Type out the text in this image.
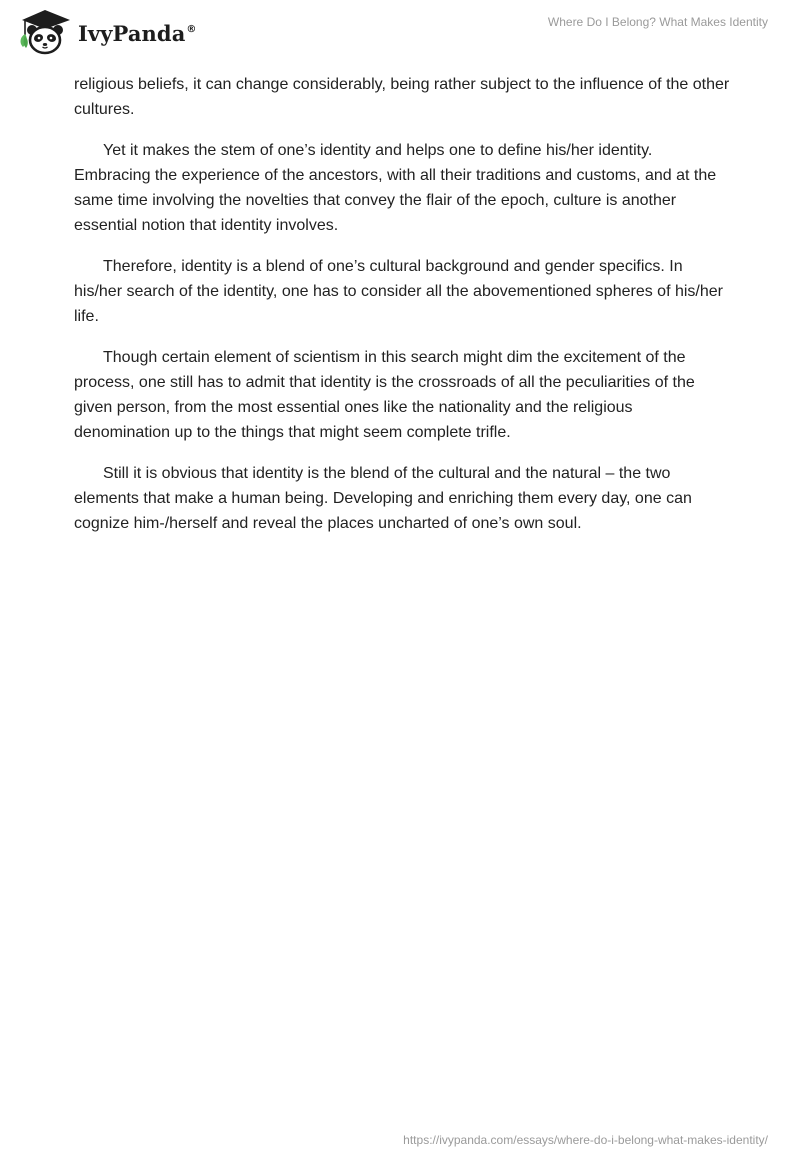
IvyPanda®	Where Do I Belong? What Makes Identity

religious beliefs, it can change considerably, being rather subject to the influence of the other cultures.

Yet it makes the stem of one’s identity and helps one to define his/her identity. Embracing the experience of the ancestors, with all their traditions and customs, and at the same time involving the novelties that convey the flair of the epoch, culture is another essential notion that identity involves.

Therefore, identity is a blend of one’s cultural background and gender specifics. In his/her search of the identity, one has to consider all the abovementioned spheres of his/her life.

Though certain element of scientism in this search might dim the excitement of the process, one still has to admit that identity is the crossroads of all the peculiarities of the given person, from the most essential ones like the nationality and the religious denomination up to the things that might seem complete trifle.

Still it is obvious that identity is the blend of the cultural and the natural – the two elements that make a human being. Developing and enriching them every day, one can cognize him-/herself and reveal the places uncharted of one’s own soul.

https://ivypanda.com/essays/where-do-i-belong-what-makes-identity/
